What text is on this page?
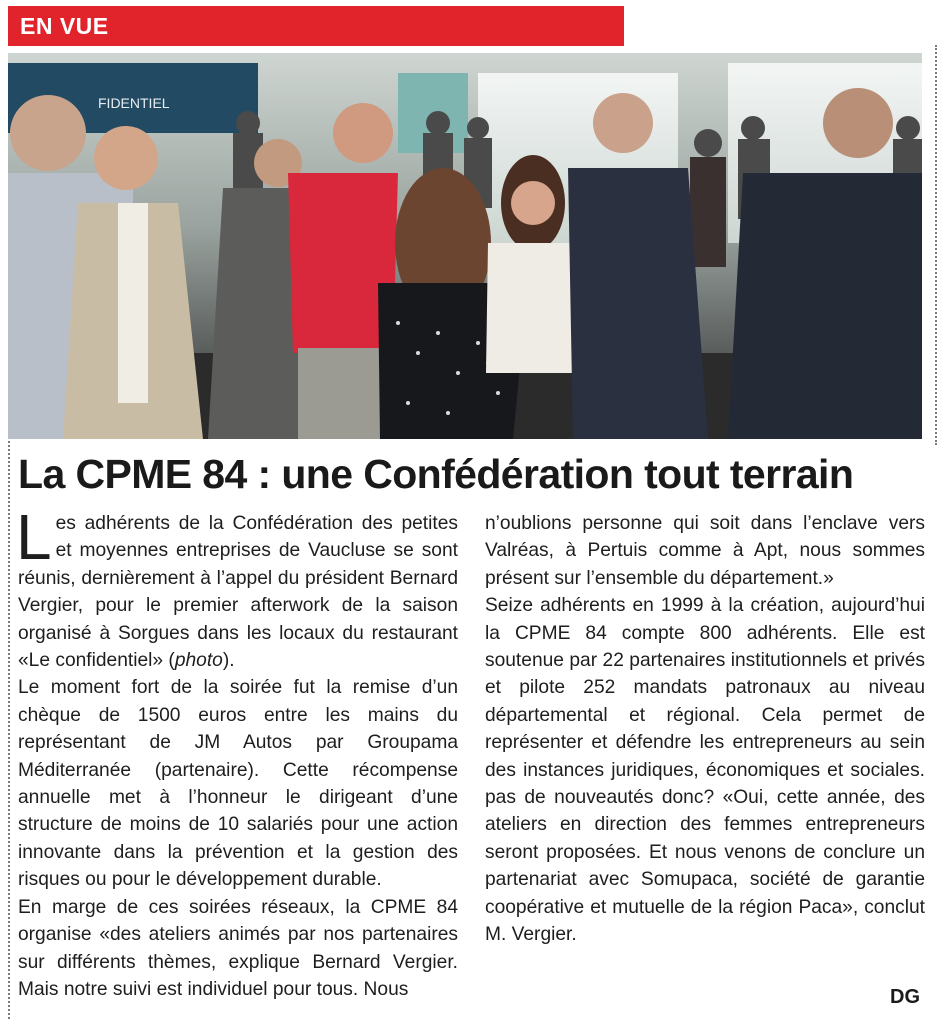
EN VUE
FIDENTIEL
La CPME 84 : une Confédération tout terrain

Les adhérents de la Confédération des petites et moyennes entreprises de Vaucluse se sont réunis, dernièrement à l’appel du président Bernard Vergier, pour le premier afterwork de la saison organisé à Sorgues dans les locaux du restaurant «Le confidentiel» (photo).

Le moment fort de la soirée fut la remise d’un chèque de 1500 euros entre les mains du représentant de JM Autos par Groupama Méditerranée (partenaire). Cette récompense annuelle met à l’honneur le dirigeant d’une structure de moins de 10 salariés pour une action innovante dans la prévention et la gestion des risques ou pour le développement durable.

En marge de ces soirées réseaux, la CPME 84 organise «des ateliers animés par nos partenaires sur différents thèmes, explique Bernard Vergier. Mais notre suivi est individuel pour tous. Nous

n’oublions personne qui soit dans l’enclave vers Valréas, à Pertuis comme à Apt, nous sommes présent sur l’ensemble du département.»

Seize adhérents en 1999 à la création, aujourd’hui la CPME 84 compte 800 adhérents. Elle est soutenue par 22 partenaires institutionnels et privés et pilote 252 mandats patronaux au niveau départemental et régional. Cela permet de représenter et défendre les entrepreneurs au sein des instances juridiques, économiques et sociales. pas de nouveautés donc? «Oui, cette année, des ateliers en direction des femmes entrepreneurs seront proposées. Et nous venons de conclure un partenariat avec Somupaca, société de garantie coopérative et mutuelle de la région Paca», conclut M. Vergier.

DG
